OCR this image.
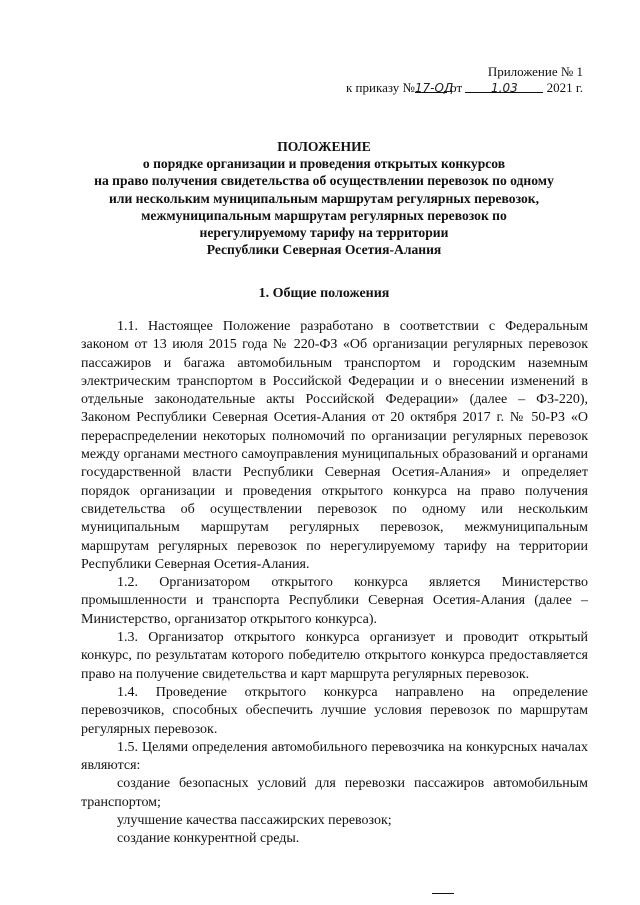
Приложение № 1
к приказу №17-ОД от 1.03 2021 г.
ПОЛОЖЕНИЕ
о порядке организации и проведения открытых конкурсов
на право получения свидетельства об осуществлении перевозок по одному
или нескольким муниципальным маршрутам регулярных перевозок,
межмуниципальным маршрутам регулярных перевозок по
нерегулируемому тарифу на территории
Республики Северная Осетия-Алания
1. Общие положения

1.1. Настоящее Положение разработано в соответствии с Федеральным законом от 13 июля 2015 года № 220-ФЗ «Об организации регулярных перевозок пассажиров и багажа автомобильным транспортом и городским наземным электрическим транспортом в Российской Федерации и о внесении изменений в отдельные законодательные акты Российской Федерации» (далее – ФЗ-220), Законом Республики Северная Осетия-Алания от 20 октября 2017 г. № 50-РЗ «О перераспределении некоторых полномочий по организации регулярных перевозок между органами местного самоуправления муниципальных образований и органами государственной власти Республики Северная Осетия-Алания» и определяет порядок организации и проведения открытого конкурса на право получения свидетельства об осуществлении перевозок по одному или нескольким муниципальным маршрутам регулярных перевозок, межмуниципальным маршрутам регулярных перевозок по нерегулируемому тарифу на территории Республики Северная Осетия-Алания.

1.2. Организатором открытого конкурса является Министерство промышленности и транспорта Республики Северная Осетия-Алания (далее – Министерство, организатор открытого конкурса).

1.3. Организатор открытого конкурса организует и проводит открытый конкурс, по результатам которого победителю открытого конкурса предоставляется право на получение свидетельства и карт маршрута регулярных перевозок.

1.4. Проведение открытого конкурса направлено на определение перевозчиков, способных обеспечить лучшие условия перевозок по маршрутам регулярных перевозок.

1.5. Целями определения автомобильного перевозчика на конкурсных началах являются:

создание безопасных условий для перевозки пассажиров автомобильным транспортом;

улучшение качества пассажирских перевозок;

создание конкурентной среды.
